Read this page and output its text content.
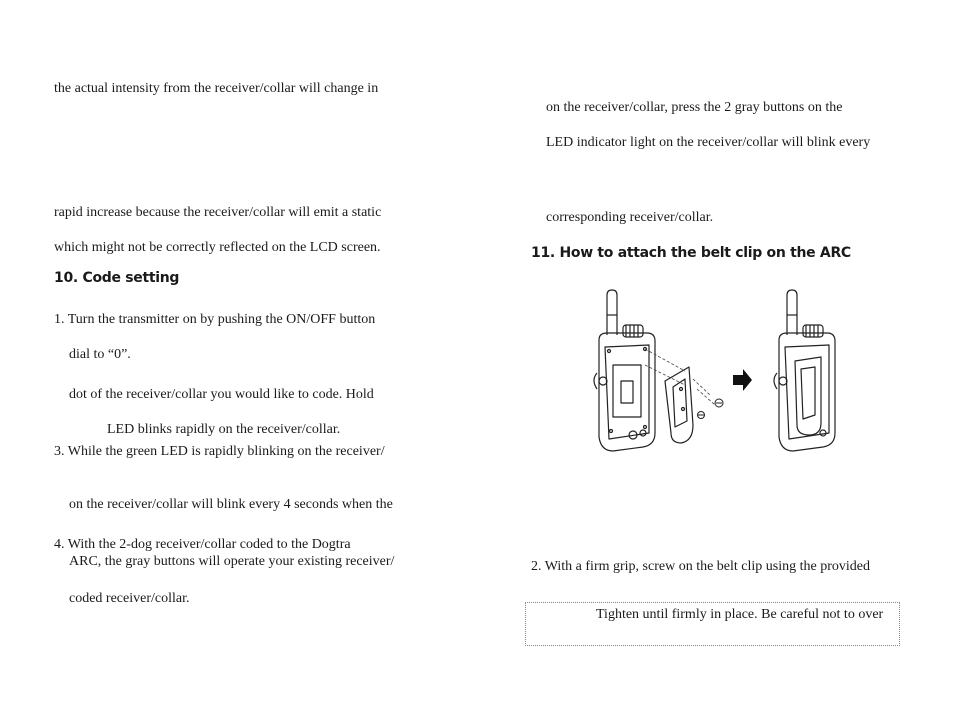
the actual intensity from the receiver/collar will change in
rapid increase because the receiver/collar will emit a static
which might not be correctly reflected on the LCD screen.
10. Code setting
1. Turn the transmitter on by pushing the ON/OFF button
dial to “0”.
dot of the receiver/collar you would like to code. Hold
LED blinks rapidly on the receiver/collar.
3. While the green LED is rapidly blinking on the receiver/
on the receiver/collar will blink every 4 seconds when the
4. With the 2-dog receiver/collar coded to the Dogtra
ARC, the gray buttons will operate your existing receiver/
coded receiver/collar.
on the receiver/collar, press the 2 gray buttons on the
LED indicator light on the receiver/collar will blink every
corresponding receiver/collar.
11. How to attach the belt clip on the ARC
2. With a firm grip, screw on the belt clip using the provided
Tighten until firmly in place. Be careful not to over
